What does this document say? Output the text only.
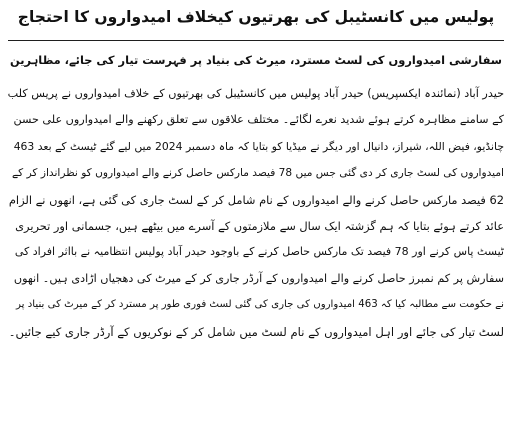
پولیس میں کانسٹیبل کی بھرتیوں کیخلاف امیدواروں کا احتجاج
سفارشی امیدواروں کی لسٹ مسترد، میرٹ کی بنیاد پر فہرست تیار کی جائے، مظاہرین
حیدر آباد (نمائندہ ایکسپریس) حیدر آباد پولیس میں کانسٹیبل کی بھرتیوں کے خلاف امیدواروں نے پریس کلب
کے سامنے مظاہرہ کرتے ہوئے شدید نعرے لگائے۔ مختلف علاقوں سے تعلق رکھنے والے امیدواروں علی حسن
چانڈیو، فیض اللہ، شیراز، دانیال اور دیگر نے میڈیا کو بتایا کہ ماہ دسمبر 2024 میں لیے گئے ٹیسٹ کے بعد 463
امیدواروں کی لسٹ جاری کر دی گئی جس میں 78 فیصد مارکس حاصل کرنے والے امیدواروں کو نظرانداز کر کے
62 فیصد مارکس حاصل کرنے والے امیدواروں کے نام شامل کر کے لسٹ جاری کی گئی ہے، انھوں نے الزام
عائد کرتے ہوئے بتایا کہ ہم گزشتہ ایک سال سے ملازمتوں کے آسرے میں بیٹھے ہیں، جسمانی اور تحریری
ٹیسٹ پاس کرنے اور 78 فیصد تک مارکس حاصل کرنے کے باوجود حیدر آباد پولیس انتظامیہ نے بااثر افراد کی
سفارش پر کم نمبرز حاصل کرنے والے امیدواروں کے آرڈر جاری کر کے میرٹ کی دھجیاں اڑادی ہیں۔ انھوں
نے حکومت سے مطالبہ کیا کہ 463 امیدواروں کی جاری کی گئی لسٹ فوری طور پر مسترد کر کے میرٹ کی بنیاد پر
لسٹ تیار کی جائے اور اہل امیدواروں کے نام لسٹ میں شامل کر کے نوکریوں کے آرڈر جاری کیے جائیں۔
